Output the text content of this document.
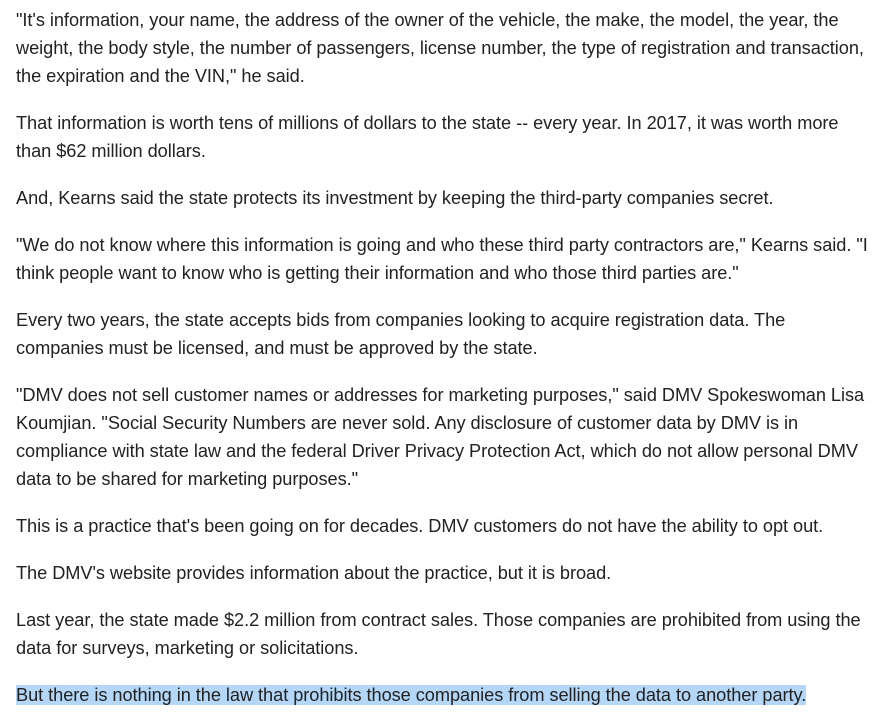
"It's information, your name, the address of the owner of the vehicle, the make, the model, the year, the weight, the body style, the number of passengers, license number, the type of registration and transaction, the expiration and the VIN," he said.

That information is worth tens of millions of dollars to the state -- every year. In 2017, it was worth more than $62 million dollars.

And, Kearns said the state protects its investment by keeping the third-party companies secret.

"We do not know where this information is going and who these third party contractors are," Kearns said. "I think people want to know who is getting their information and who those third parties are."

Every two years, the state accepts bids from companies looking to acquire registration data. The companies must be licensed, and must be approved by the state.

"DMV does not sell customer names or addresses for marketing purposes," said DMV Spokeswoman Lisa Koumjian. "Social Security Numbers are never sold. Any disclosure of customer data by DMV is in compliance with state law and the federal Driver Privacy Protection Act, which do not allow personal DMV data to be shared for marketing purposes."

This is a practice that's been going on for decades. DMV customers do not have the ability to opt out.

The DMV's website provides information about the practice, but it is broad.

Last year, the state made $2.2 million from contract sales. Those companies are prohibited from using the data for surveys, marketing or solicitations.

But there is nothing in the law that prohibits those companies from selling the data to another party.
